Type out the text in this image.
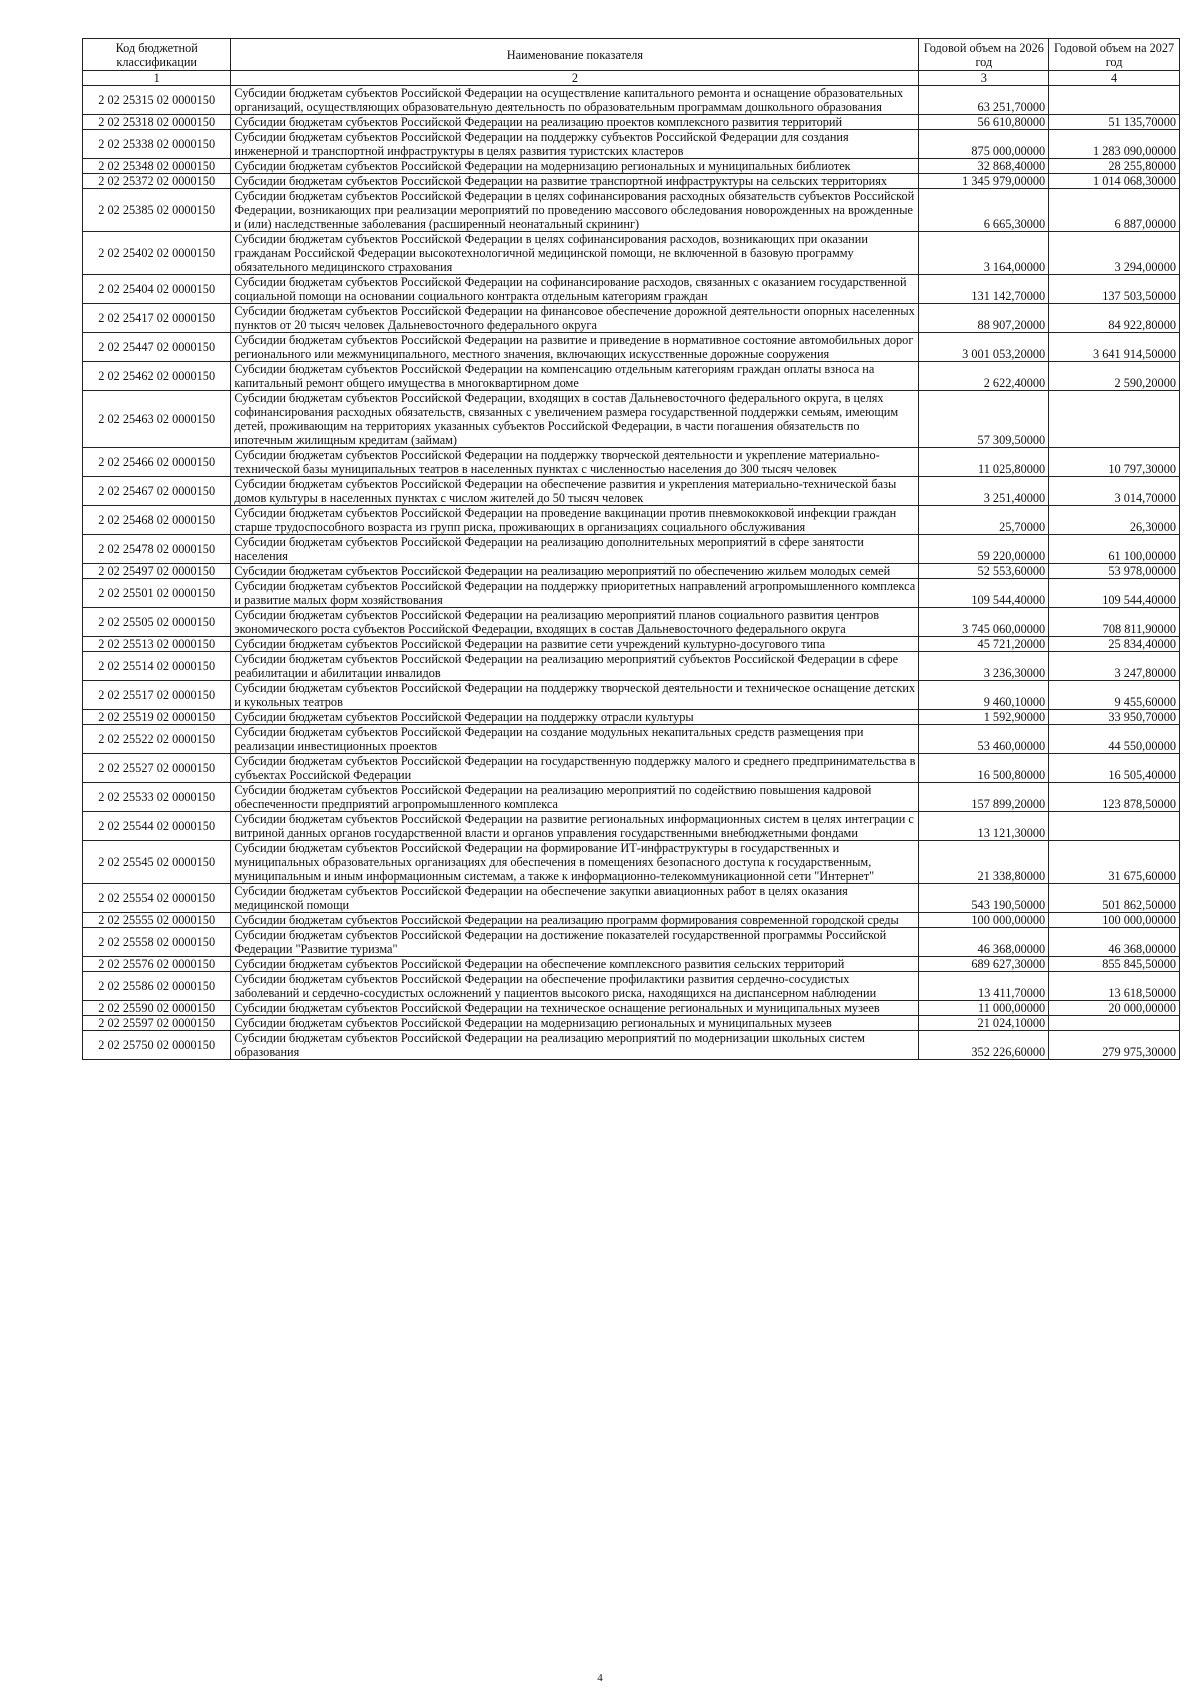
Код бюджетной классификации	Наименование показателя	Годовой объем на 2026 год	Годовой объем на 2027 год
1	2	3	4
2 02 25315 02 0000150	Субсидии бюджетам субъектов Российской Федерации на осуществление капитального ремонта и оснащение образовательных организаций, осуществляющих образовательную деятельность по образовательным программам дошкольного образования	63 251,70000	
2 02 25318 02 0000150	Субсидии бюджетам субъектов Российской Федерации на реализацию проектов комплексного развития территорий	56 610,80000	51 135,70000
2 02 25338 02 0000150	Субсидии бюджетам субъектов Российской Федерации на поддержку субъектов Российской Федерации для создания инженерной и транспортной инфраструктуры в целях развития туристских кластеров	875 000,00000	1 283 090,00000
2 02 25348 02 0000150	Субсидии бюджетам субъектов Российской Федерации на модернизацию региональных и муниципальных библиотек	32 868,40000	28 255,80000
2 02 25372 02 0000150	Субсидии бюджетам субъектов Российской Федерации на развитие транспортной инфраструктуры на сельских территориях	1 345 979,00000	1 014 068,30000
2 02 25385 02 0000150	Субсидии бюджетам субъектов Российской Федерации в целях софинансирования расходных обязательств субъектов Российской Федерации, возникающих при реализации мероприятий по проведению массового обследования новорожденных на врожденные и (или) наследственные заболевания (расширенный неонатальный скрининг)	6 665,30000	6 887,00000
2 02 25402 02 0000150	Субсидии бюджетам субъектов Российской Федерации в целях софинансирования расходов, возникающих при оказании гражданам Российской Федерации высокотехнологичной медицинской помощи, не включенной в базовую программу обязательного медицинского страхования	3 164,00000	3 294,00000
2 02 25404 02 0000150	Субсидии бюджетам субъектов Российской Федерации на софинансирование расходов, связанных с оказанием государственной социальной помощи на основании социального контракта отдельным категориям граждан	131 142,70000	137 503,50000
2 02 25417 02 0000150	Субсидии бюджетам субъектов Российской Федерации на финансовое обеспечение дорожной деятельности опорных населенных пунктов от 20 тысяч человек Дальневосточного федерального округа	88 907,20000	84 922,80000
2 02 25447 02 0000150	Субсидии бюджетам субъектов Российской Федерации на развитие и приведение в нормативное состояние автомобильных дорог регионального или межмуниципального, местного значения, включающих искусственные дорожные сооружения	3 001 053,20000	3 641 914,50000
2 02 25462 02 0000150	Субсидии бюджетам субъектов Российской Федерации на компенсацию отдельным категориям граждан оплаты взноса на капитальный ремонт общего имущества в многоквартирном доме	2 622,40000	2 590,20000
2 02 25463 02 0000150	Субсидии бюджетам субъектов Российской Федерации, входящих в состав Дальневосточного федерального округа, в целях софинансирования расходных обязательств, связанных с увеличением размера государственной поддержки семьям, имеющим детей, проживающим на территориях указанных субъектов Российской Федерации, в части погашения обязательств по ипотечным жилищным кредитам (займам)	57 309,50000	
2 02 25466 02 0000150	Субсидии бюджетам субъектов Российской Федерации на поддержку творческой деятельности и укрепление материально-технической базы муниципальных театров в населенных пунктах с численностью населения до 300 тысяч человек	11 025,80000	10 797,30000
2 02 25467 02 0000150	Субсидии бюджетам субъектов Российской Федерации на обеспечение развития и укрепления материально-технической базы домов культуры в населенных пунктах с числом жителей до 50 тысяч человек	3 251,40000	3 014,70000
2 02 25468 02 0000150	Субсидии бюджетам субъектов Российской Федерации на проведение вакцинации против пневмококковой инфекции граждан старше трудоспособного возраста из групп риска, проживающих в организациях социального обслуживания	25,70000	26,30000
2 02 25478 02 0000150	Субсидии бюджетам субъектов Российской Федерации на реализацию дополнительных мероприятий в сфере занятости населения	59 220,00000	61 100,00000
2 02 25497 02 0000150	Субсидии бюджетам субъектов Российской Федерации на реализацию мероприятий по обеспечению жильем молодых семей	52 553,60000	53 978,00000
2 02 25501 02 0000150	Субсидии бюджетам субъектов Российской Федерации на поддержку приоритетных направлений агропромышленного комплекса и развитие малых форм хозяйствования	109 544,40000	109 544,40000
2 02 25505 02 0000150	Субсидии бюджетам субъектов Российской Федерации на реализацию мероприятий планов социального развития центров экономического роста субъектов Российской Федерации, входящих в состав Дальневосточного федерального округа	3 745 060,00000	708 811,90000
2 02 25513 02 0000150	Субсидии бюджетам субъектов Российской Федерации на развитие сети учреждений культурно-досугового типа	45 721,20000	25 834,40000
2 02 25514 02 0000150	Субсидии бюджетам субъектов Российской Федерации на реализацию мероприятий субъектов Российской Федерации в сфере реабилитации и абилитации инвалидов	3 236,30000	3 247,80000
2 02 25517 02 0000150	Субсидии бюджетам субъектов Российской Федерации на поддержку творческой деятельности и техническое оснащение детских и кукольных театров	9 460,10000	9 455,60000
2 02 25519 02 0000150	Субсидии бюджетам субъектов Российской Федерации на поддержку отрасли культуры	1 592,90000	33 950,70000
2 02 25522 02 0000150	Субсидии бюджетам субъектов Российской Федерации на создание модульных некапитальных средств размещения при реализации инвестиционных проектов	53 460,00000	44 550,00000
2 02 25527 02 0000150	Субсидии бюджетам субъектов Российской Федерации на государственную поддержку малого и среднего предпринимательства в субъектах Российской Федерации	16 500,80000	16 505,40000
2 02 25533 02 0000150	Субсидии бюджетам субъектов Российской Федерации на реализацию мероприятий по содействию повышения кадровой обеспеченности предприятий агропромышленного комплекса	157 899,20000	123 878,50000
2 02 25544 02 0000150	Субсидии бюджетам субъектов Российской Федерации на развитие региональных информационных систем в целях интеграции с витриной данных органов государственной власти и органов управления государственными внебюджетными фондами	13 121,30000	
2 02 25545 02 0000150	Субсидии бюджетам субъектов Российской Федерации на формирование ИТ-инфраструктуры в государственных и муниципальных образовательных организациях для обеспечения в помещениях безопасного доступа к государственным, муниципальным и иным информационным системам, а также к информационно-телекоммуникационной сети "Интернет"	21 338,80000	31 675,60000
2 02 25554 02 0000150	Субсидии бюджетам субъектов Российской Федерации на обеспечение закупки авиационных работ в целях оказания медицинской помощи	543 190,50000	501 862,50000
2 02 25555 02 0000150	Субсидии бюджетам субъектов Российской Федерации на реализацию программ формирования современной городской среды	100 000,00000	100 000,00000
2 02 25558 02 0000150	Субсидии бюджетам субъектов Российской Федерации на достижение показателей государственной программы Российской Федерации "Развитие туризма"	46 368,00000	46 368,00000
2 02 25576 02 0000150	Субсидии бюджетам субъектов Российской Федерации на обеспечение комплексного развития сельских территорий	689 627,30000	855 845,50000
2 02 25586 02 0000150	Субсидии бюджетам субъектов Российской Федерации на обеспечение профилактики развития сердечно-сосудистых заболеваний и сердечно-сосудистых осложнений у пациентов высокого риска, находящихся на диспансерном наблюдении	13 411,70000	13 618,50000
2 02 25590 02 0000150	Субсидии бюджетам субъектов Российской Федерации на техническое оснащение региональных и муниципальных музеев	11 000,00000	20 000,00000
2 02 25597 02 0000150	Субсидии бюджетам субъектов Российской Федерации на модернизацию региональных и муниципальных музеев	21 024,10000	
2 02 25750 02 0000150	Субсидии бюджетам субъектов Российской Федерации на реализацию мероприятий по модернизации школьных систем образования	352 226,60000	279 975,30000
4
